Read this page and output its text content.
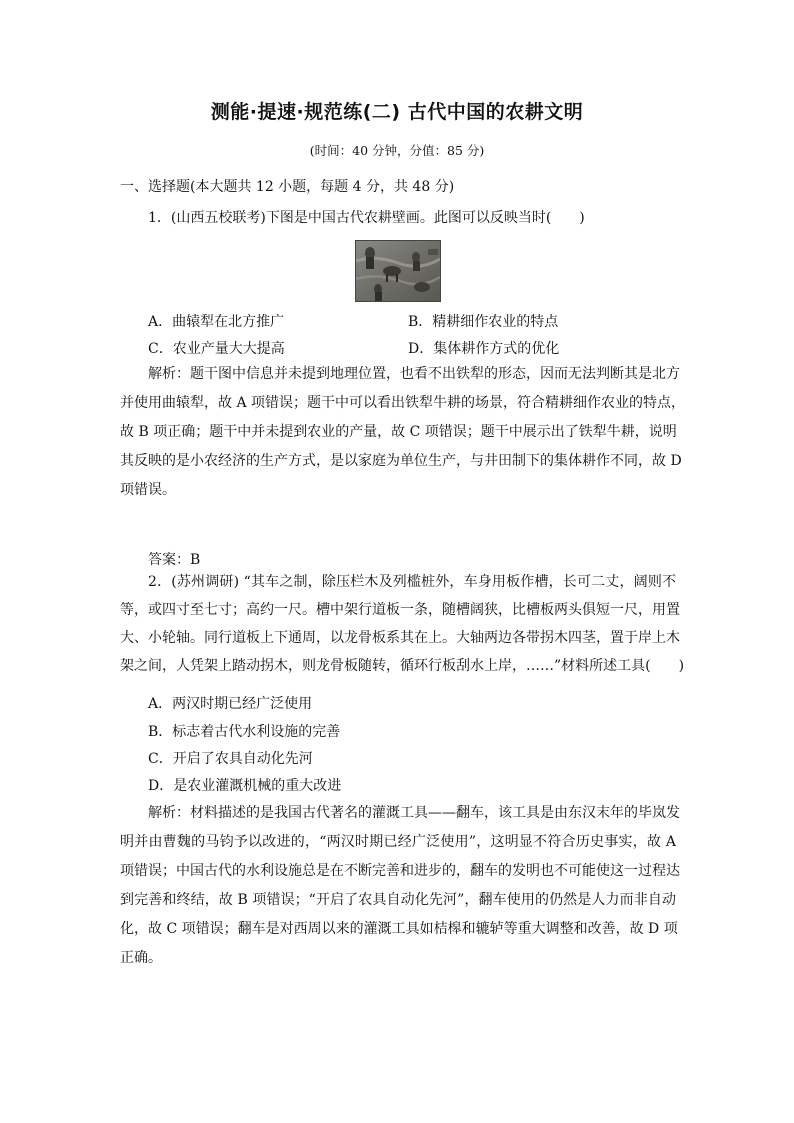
测能·提速·规范练(二) 古代中国的农耕文明
(时间：40 分钟，分值：85 分)
一、选择题(本大题共 12 小题，每题 4 分，共 48 分)
1．(山西五校联考)下图是中国古代农耕壁画。此图可以反映当时(　　)
A．曲辕犁在北方推广	B．精耕细作农业的特点
C．农业产量大大提高	D．集体耕作方式的优化
解析：题干图中信息并未提到地理位置，也看不出铁犁的形态，因而无法判断其是北方
并使用曲辕犁，故 A 项错误；题干中可以看出铁犁牛耕的场景，符合精耕细作农业的特点，
故 B 项正确；题干中并未提到农业的产量，故 C 项错误；题干中展示出了铁犁牛耕，说明
其反映的是小农经济的生产方式，是以家庭为单位生产，与井田制下的集体耕作不同，故 D
项错误。
答案：B
2．(苏州调研) “其车之制，除压栏木及列槛桩外，车身用板作槽，长可二丈，阔则不
等，或四寸至七寸；高约一尺。槽中架行道板一条，随槽阔狭，比槽板两头俱短一尺，用置
大、小轮轴。同行道板上下通周，以龙骨板系其在上。大轴两边各带拐木四茎，置于岸上木
架之间，人凭架上踏动拐木，则龙骨板随转，循环行板刮水上岸，……”材料所述工具(　　)
A．两汉时期已经广泛使用
B．标志着古代水利设施的完善
C．开启了农具自动化先河
D．是农业灌溉机械的重大改进
解析：材料描述的是我国古代著名的灌溉工具——翻车，该工具是由东汉末年的毕岚发
明并由曹魏的马钧予以改进的，“两汉时期已经广泛使用”，这明显不符合历史事实，故 A
项错误；中国古代的水利设施总是在不断完善和进步的，翻车的发明也不可能使这一过程达
到完善和终结，故 B 项错误；“开启了农具自动化先河”，翻车使用的仍然是人力而非自动
化，故 C 项错误；翻车是对西周以来的灌溉工具如桔槔和辘轳等重大调整和改善，故 D 项
正确。
